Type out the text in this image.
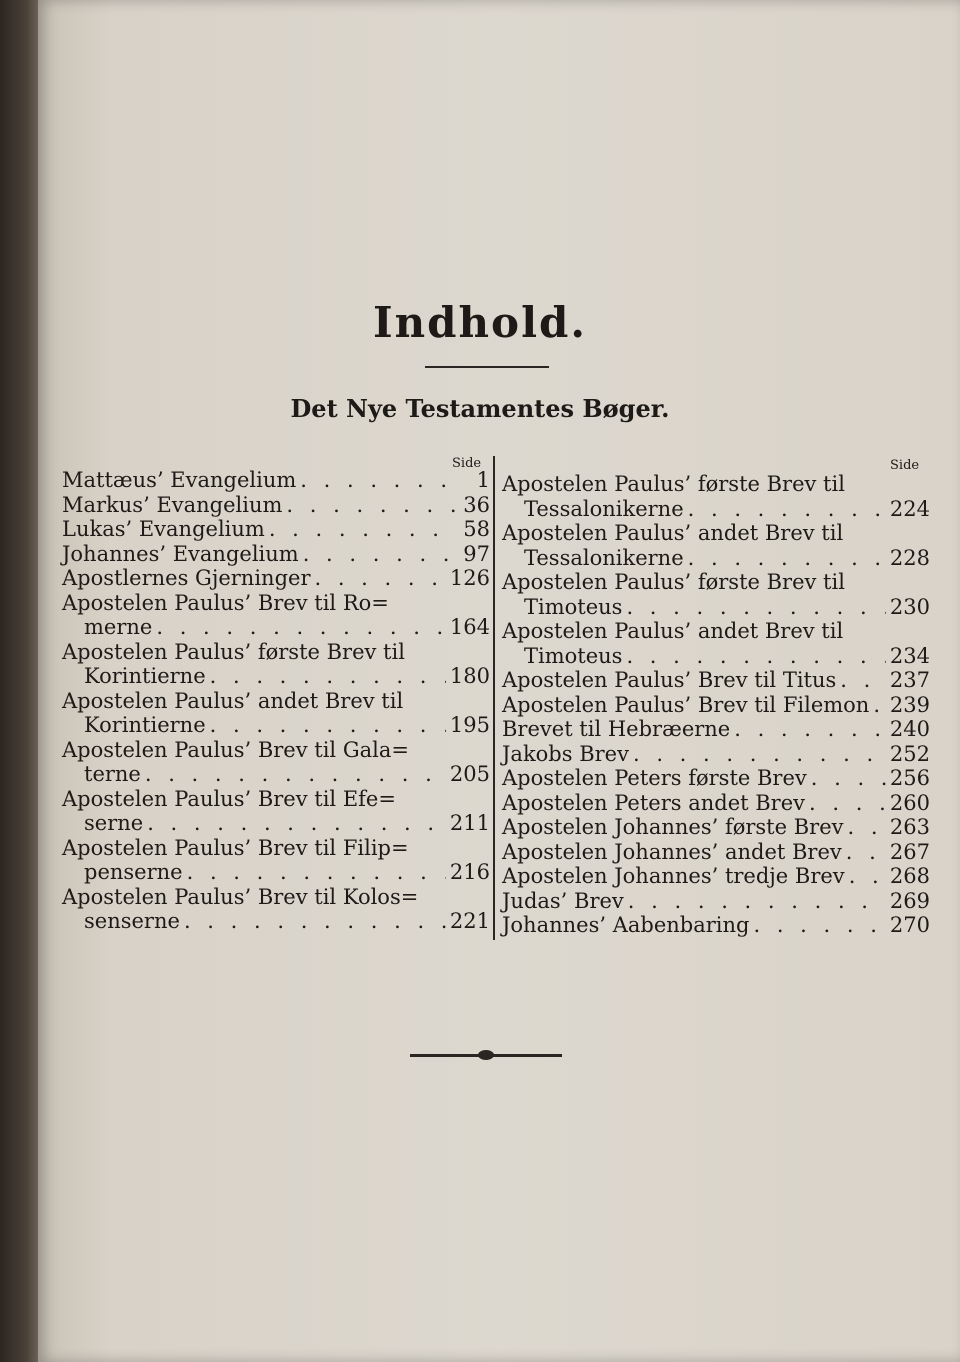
Indhold.
Det Nye Testamentes Bøger.
Side	Side
Mattæus’ Evangelium . . .	1
Markus’ Evangelium . . .	36
Lukas’ Evangelium . . .	58
Johannes’ Evangelium . . .	97
Apostlernes Gjerninger . . .	126
Apostelen Paulus’ Brev til Ro=
merne . . .	164
Apostelen Paulus’ første Brev til
Korintierne . . .	180
Apostelen Paulus’ andet Brev til
Korintierne . . .	195
Apostelen Paulus’ Brev til Gala=
terne . . .	205
Apostelen Paulus’ Brev til Efe=
serne . . .	211
Apostelen Paulus’ Brev til Filip=
penserne . . .	216
Apostelen Paulus’ Brev til Kolos=
senserne . . .	221
Apostelen Paulus’ første Brev til
Tessalonikerne . . .	224
Apostelen Paulus’ andet Brev til
Tessalonikerne . . .	228
Apostelen Paulus’ første Brev til
Timoteus . . .	230
Apostelen Paulus’ andet Brev til
Timoteus . . .	234
Apostelen Paulus’ Brev til Titus . . .	237
Apostelen Paulus’ Brev til Filemon . . . 239
Brevet til Hebræerne . . .	240
Jakobs Brev . . .	252
Apostelen Peters første Brev . . .	256
Apostelen Peters andet Brev . . .	260
Apostelen Johannes’ første Brev . . . 263
Apostelen Johannes’ andet Brev . . . 267
Apostelen Johannes’ tredje Brev . . . 268
Judas’ Brev . . .	269
Johannes’ Aabenbaring . . .	270
